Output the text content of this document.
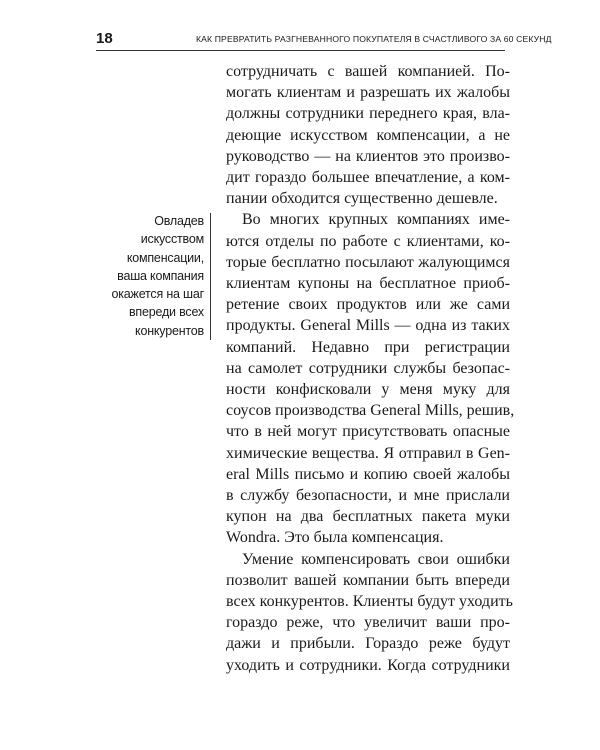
18	КАК ПРЕВРАТИТЬ РАЗГНЕВАННОГО ПОКУПАТЕЛЯ В СЧАСТЛИВОГО ЗА 60 СЕКУНД
Овладев
искусством
компенсации,
ваша компания
окажется на шаг
впереди всех
конкурентов

сотрудничать с вашей компанией. По-
могать клиентам и разрешать их жалобы
должны сотрудники переднего края, вла-
деющие искусством компенсации, а не
руководство — на клиентов это произво-
дит гораздо большее впечатление, а ком-
пании обходится существенно дешевле.

Во многих крупных компаниях име-
ются отделы по работе с клиентами, ко-
торые бесплатно посылают жалующимся
клиентам купоны на бесплатное приоб-
ретение своих продуктов или же сами
продукты. General Mills — одна из таких
компаний. Недавно при регистрации
на самолет сотрудники службы безопас-
ности конфисковали у меня муку для
соусов производства General Mills, решив,
что в ней могут присутствовать опасные
химические вещества. Я отправил в Gen-
eral Mills письмо и копию своей жалобы
в службу безопасности, и мне прислали
купон на два бесплатных пакета муки
Wondra. Это была компенсация.

Умение компенсировать свои ошибки
позволит вашей компании быть впереди
всех конкурентов. Клиенты будут уходить
гораздо реже, что увеличит ваши про-
дажи и прибыли. Гораздо реже будут
уходить и сотрудники. Когда сотрудники
